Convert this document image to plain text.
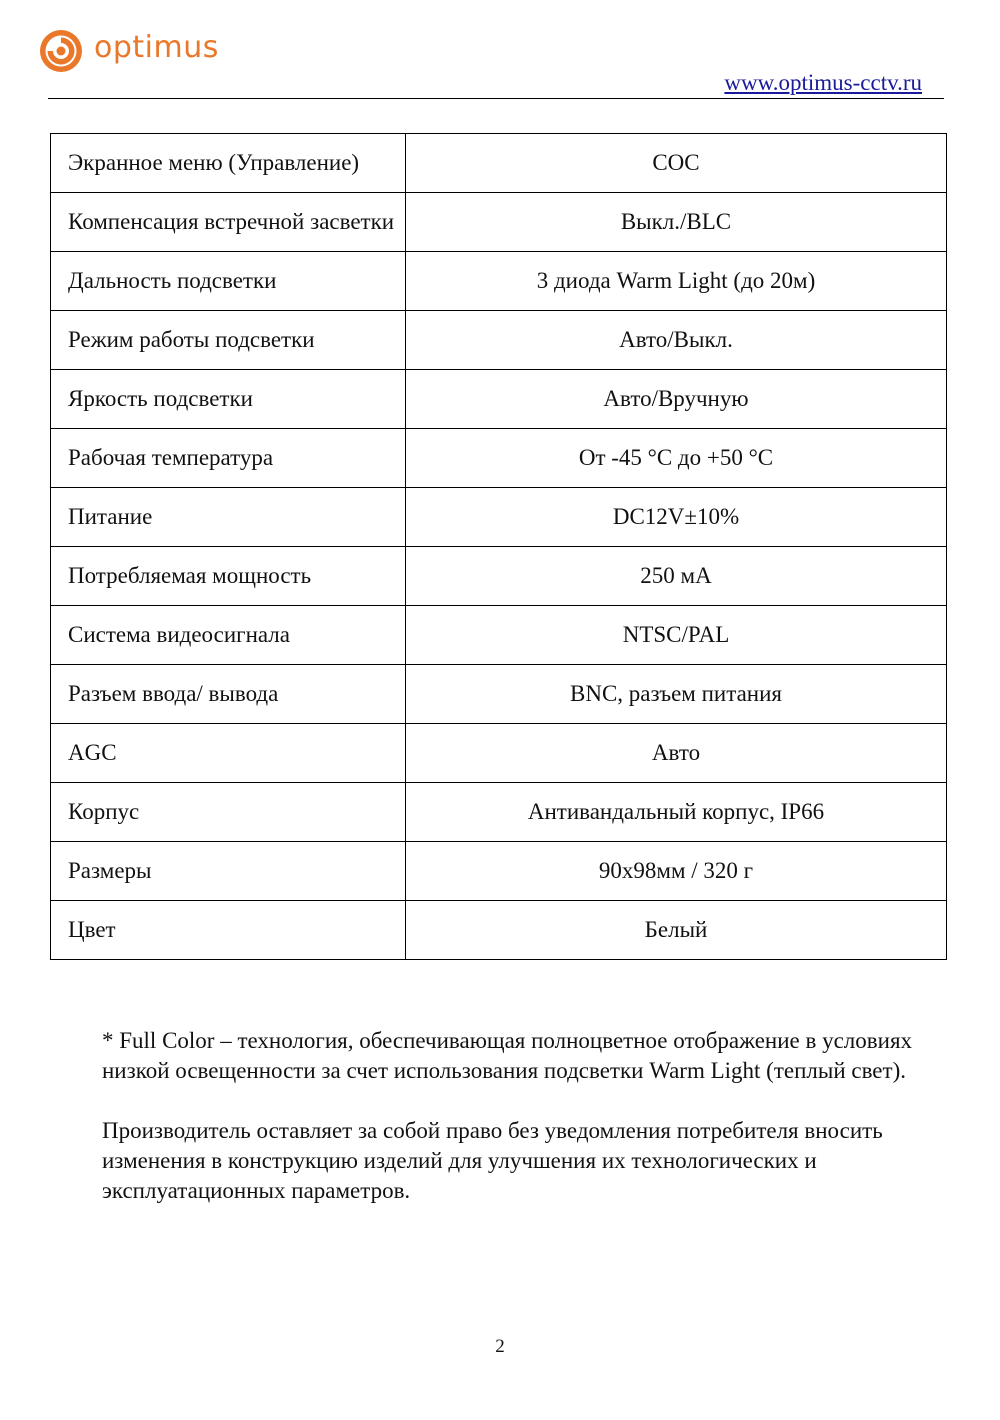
optimus
www.optimus-cctv.ru
Экранное меню (Управление)	COC
Компенсация встречной засветки	Выкл./BLC
Дальность подсветки	3 диода Warm Light (до 20м)
Режим работы подсветки	Авто/Выкл.
Яркость подсветки	Авто/Вручную
Рабочая температура	От -45 °С до +50 °С
Питание	DC12V±10%
Потребляемая мощность	250 мА
Система видеосигнала	NTSC/PAL
Разъем ввода/ вывода	BNC, разъем питания
AGC	Авто
Корпус	Антивандальный корпус, IP66
Размеры	90x98мм / 320 г
Цвет	Белый

* Full Color – технология, обеспечивающая полноцветное отображение в условиях низкой освещенности за счет использования подсветки Warm Light (теплый свет).

Производитель оставляет за собой право без уведомления потребителя вносить изменения в конструкцию изделий для улучшения их технологических и эксплуатационных параметров.

2
